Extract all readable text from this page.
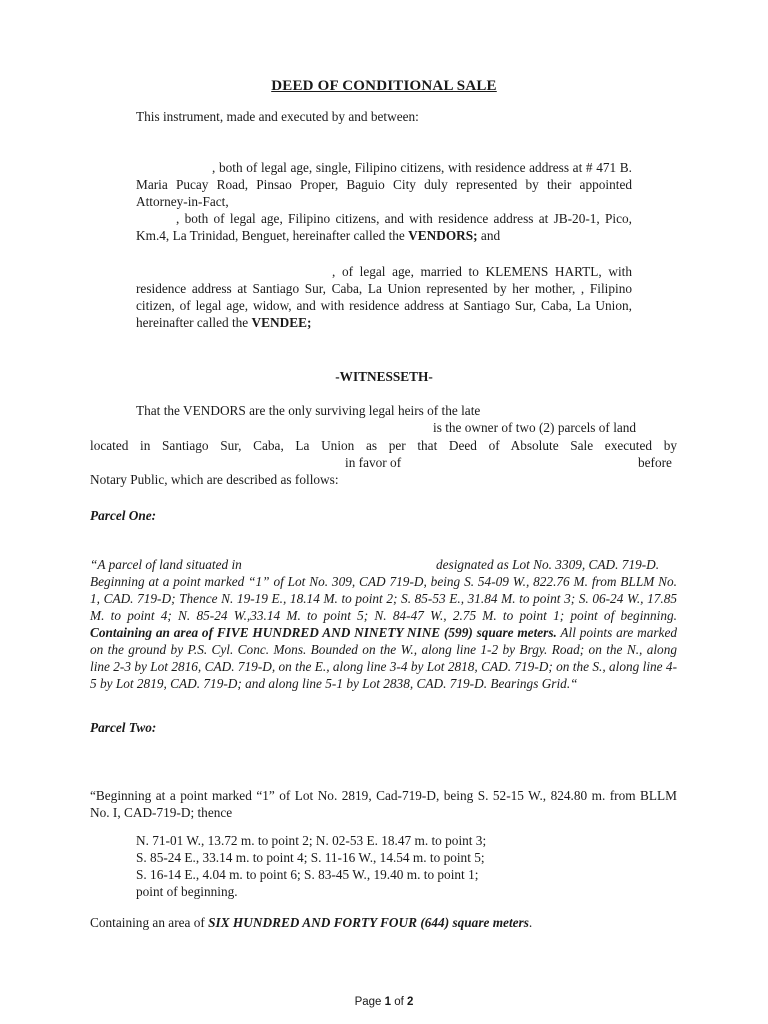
DEED OF CONDITIONAL SALE
This instrument, made and executed by and between:

, both of legal age, single, Filipino citizens, with residence address at # 471 B. Maria Pucay Road, Pinsao Proper, Baguio City duly represented by their appointed Attorney-in-Fact,

, both of legal age, Filipino citizens, and with residence address at JB-20-1, Pico, Km.4, La Trinidad, Benguet, hereinafter called the VENDORS; and

, of legal age, married to KLEMENS HARTL, with residence address at Santiago Sur, Caba, La Union represented by her mother, , Filipino citizen, of legal age, widow, and with residence address at Santiago Sur, Caba, La Union, hereinafter called the VENDEE;

-WITNESSETH-
That the VENDORS are the only surviving legal heirs of the late
is the owner of two (2) parcels of land
located in Santiago Sur, Caba, La Union as per that Deed of Absolute Sale executed by
in favor of	before
Notary Public, which are described as follows:
Parcel One:
“A parcel of land situated in	designated as Lot No. 3309, CAD. 719-D.

Beginning at a point marked “1” of Lot No. 309, CAD 719-D, being S. 54-09 W., 822.76 M. from BLLM No. 1, CAD. 719-D; Thence N. 19-19 E., 18.14 M. to point 2; S. 85-53 E., 31.84 M. to point 3; S. 06-24 W., 17.85 M. to point 4; N. 85-24 W.,33.14 M. to point 5; N. 84-47 W., 2.75 M. to point 1; point of beginning. Containing an area of FIVE HUNDRED AND NINETY NINE (599) square meters. All points are marked on the ground by P.S. Cyl. Conc. Mons. Bounded on the W., along line 1-2 by Brgy. Road; on the N., along line 2-3 by Lot 2816, CAD. 719-D, on the E., along line 3-4 by Lot 2818, CAD. 719-D; on the S., along line 4-5 by Lot 2819, CAD. 719-D; and along line 5-1 by Lot 2838, CAD. 719-D. Bearings Grid.“

Parcel Two:

“Beginning at a point marked “1” of Lot No. 2819, Cad-719-D, being S. 52-15 W., 824.80 m. from BLLM No. I, CAD-719-D; thence

N. 71-01 W., 13.72 m. to point 2; N. 02-53 E. 18.47 m. to point 3;
S. 85-24 E., 33.14 m. to point 4; S. 11-16 W., 14.54 m. to point 5;
S. 16-14 E., 4.04 m. to point 6; S. 83-45 W., 19.40 m. to point 1;
point of beginning.
Containing an area of SIX HUNDRED AND FORTY FOUR (644) square meters.
Page 1 of 2
